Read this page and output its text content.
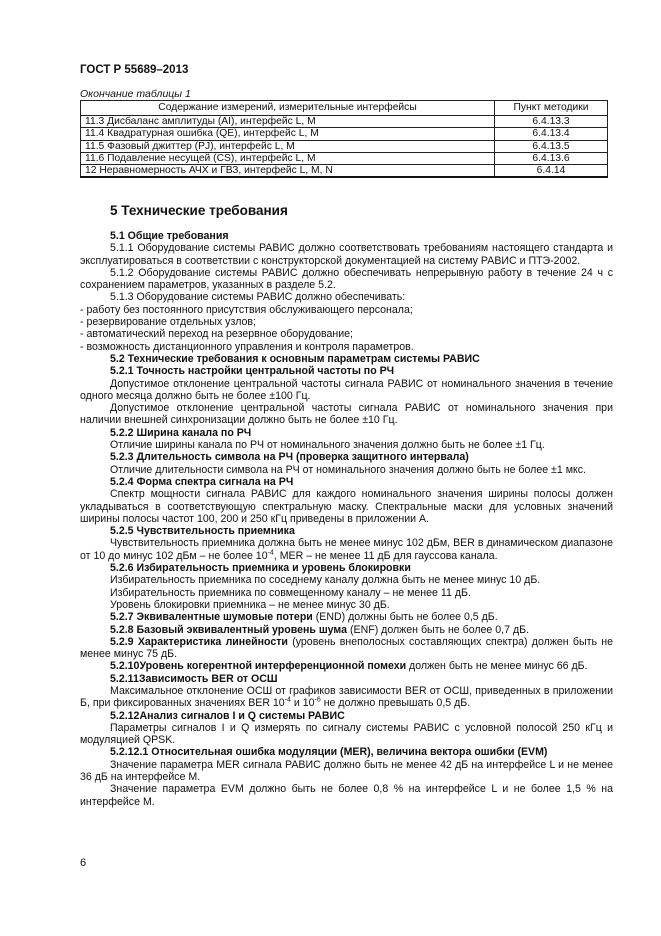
ГОСТ Р 55689–2013
Окончание таблицы 1
Содержание измерений, измерительные интерфейсы	Пункт методики
11.3 Дисбаланс амплитуды (AI), интерфейс L, M	6.4.13.3
11.4 Квадратурная ошибка (QE), интерфейс L, M	6.4.13.4
11.5 Фазовый джиттер (PJ), интерфейс L, M	6.4.13.5
11.6 Подавление несущей (CS), интерфейс L, M	6.4.13.6
12 Неравномерность АЧХ и ГВЗ, интерфейс L, M, N	6.4.14
5 Технические требования

5.1 Общие требования

5.1.1 Оборудование системы РАВИС должно соответствовать требованиям настоящего стандарта и эксплуатироваться в соответствии с конструкторской документацией на систему РАВИС и ПТЭ-2002.

5.1.2 Оборудование системы РАВИС должно обеспечивать непрерывную работу в течение 24 ч с сохранением параметров, указанных в разделе 5.2.

5.1.3 Оборудование системы РАВИС должно обеспечивать:

- работу без постоянного присутствия обслуживающего персонала;

- резервирование отдельных узлов;

- автоматический переход на резервное оборудование;

- возможность дистанционного управления и контроля параметров.

5.2 Технические требования к основным параметрам системы РАВИС

5.2.1 Точность настройки центральной частоты по РЧ

Допустимое отклонение центральной частоты сигнала РАВИС от номинального значения в течение одного месяца должно быть не более ±100 Гц.

Допустимое отклонение центральной частоты сигнала РАВИС от номинального значения при наличии внешней синхронизации должно быть не более ±10 Гц.

5.2.2 Ширина канала по РЧ

Отличие ширины канала по РЧ от номинального значения должно быть не более ±1 Гц.

5.2.3 Длительность символа на РЧ (проверка защитного интервала)

Отличие длительности символа на РЧ от номинального значения должно быть не более ±1 мкс.

5.2.4 Форма спектра сигнала на РЧ

Спектр мощности сигнала РАВИС для каждого номинального значения ширины полосы должен укладываться в соответствующую спектральную маску. Спектральные маски для условных значений ширины полосы частот 100, 200 и 250 кГц приведены в приложении А.

5.2.5 Чувствительность приемника

Чувствительность приемника должна быть не менее минус 102 дБм, BER в динамическом диапазоне от 10 до минус 102 дБм – не более $10^{-4}$, MER – не менее 11 дБ для гауссова канала.

5.2.6 Избирательность приемника и уровень блокировки

Избирательность приемника по соседнему каналу должна быть не менее минус 10 дБ.

Избирательность приемника по совмещенному каналу – не менее 11 дБ.

Уровень блокировки приемника – не менее минус 30 дБ.

5.2.7 Эквивалентные шумовые потери (END) должны быть не более 0,5 дБ.

5.2.8 Базовый эквивалентный уровень шума (ENF) должен быть не более 0,7 дБ.

5.2.9 Характеристика линейности (уровень внеполосных составляющих спектра) должен быть не менее минус 75 дБ.

5.2.10Уровень когерентной интерференционной помехи должен быть не менее минус 66 дБ.

5.2.11Зависимость BER от ОСШ

Максимальное отклонение ОСШ от графиков зависимости BER от ОСШ, приведенных в приложении Б, при фиксированных значениях BER $10^{-4}$ и $10^{-6}$ не должно превышать 0,5 дБ.

5.2.12Анализ сигналов I и Q системы РАВИС

Параметры сигналов I и Q измерять по сигналу системы РАВИС с условной полосой 250 кГц и модуляцией QPSK.

5.2.12.1 Относительная ошибка модуляции (MER), величина вектора ошибки (EVM)

Значение параметра MER сигнала РАВИС должно быть не менее 42 дБ на интерфейсе L и не менее 36 дБ на интерфейсе М.

Значение параметра EVM должно быть не более 0,8 % на интерфейсе L и не более 1,5 % на интерфейсе М.

6
